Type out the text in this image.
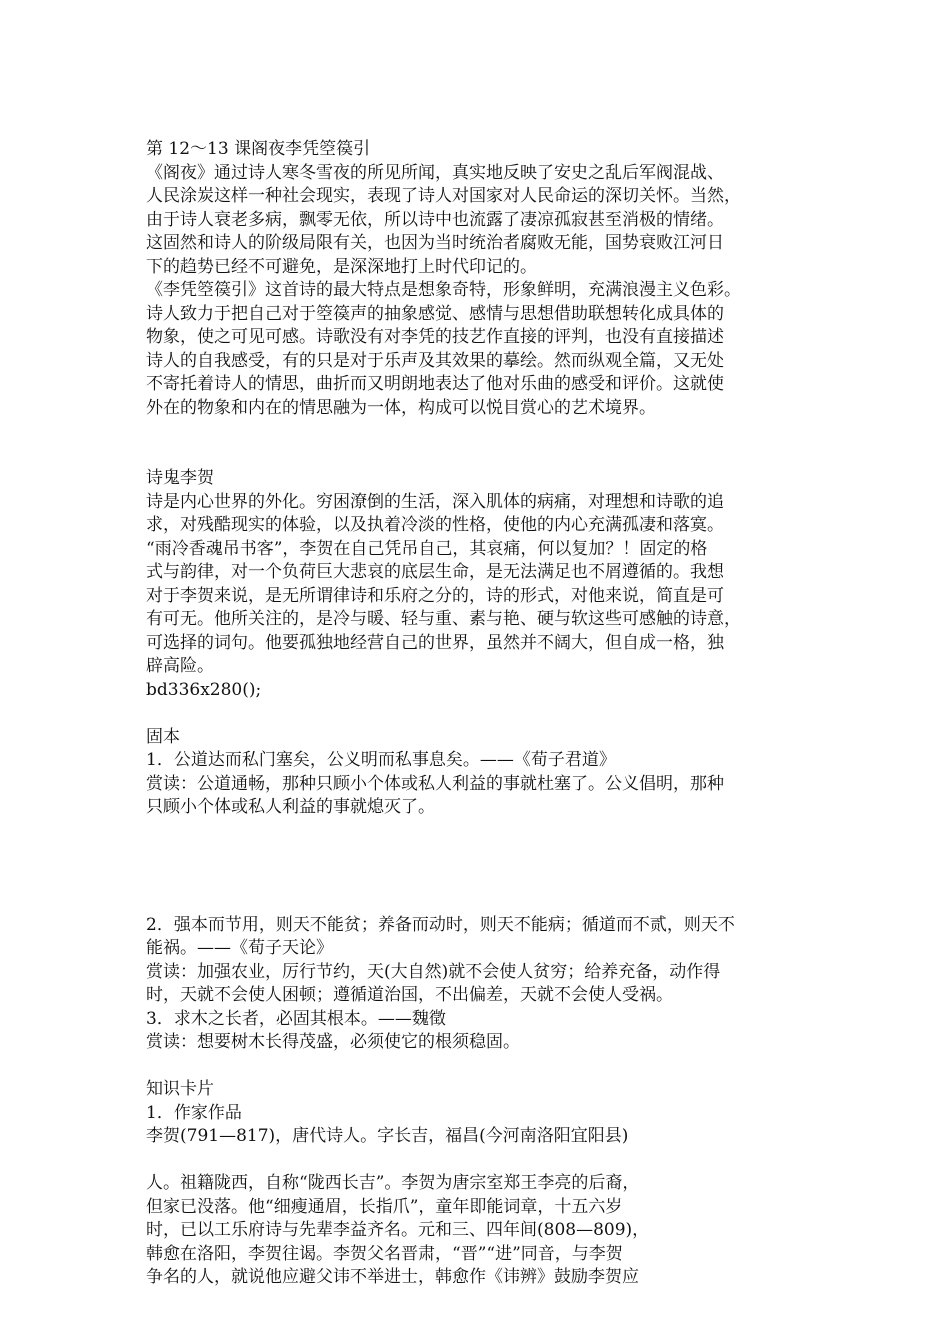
第 12～13 课阁夜李凭箜篌引
《阁夜》通过诗人寒冬雪夜的所见所闻，真实地反映了安史之乱后军阀混战、
人民涂炭这样一种社会现实，表现了诗人对国家对人民命运的深切关怀。当然，
由于诗人衰老多病，飘零无依，所以诗中也流露了凄凉孤寂甚至消极的情绪。
这固然和诗人的阶级局限有关，也因为当时统治者腐败无能，国势衰败江河日
下的趋势已经不可避免，是深深地打上时代印记的。
《李凭箜篌引》这首诗的最大特点是想象奇特，形象鲜明，充满浪漫主义色彩。
诗人致力于把自己对于箜篌声的抽象感觉、感情与思想借助联想转化成具体的
物象，使之可见可感。诗歌没有对李凭的技艺作直接的评判，也没有直接描述
诗人的自我感受，有的只是对于乐声及其效果的摹绘。然而纵观全篇，又无处
不寄托着诗人的情思，曲折而又明朗地表达了他对乐曲的感受和评价。这就使
外在的物象和内在的情思融为一体，构成可以悦目赏心的艺术境界。
诗鬼李贺
诗是内心世界的外化。穷困潦倒的生活，深入肌体的病痛，对理想和诗歌的追
求，对残酷现实的体验，以及执着冷淡的性格，使他的内心充满孤凄和落寞。
“雨冷香魂吊书客”，李贺在自己凭吊自己，其哀痛，何以复加？！固定的格
式与韵律，对一个负荷巨大悲哀的底层生命，是无法满足也不屑遵循的。我想
对于李贺来说，是无所谓律诗和乐府之分的，诗的形式，对他来说，简直是可
有可无。他所关注的，是冷与暖、轻与重、素与艳、硬与软这些可感触的诗意，
可选择的词句。他要孤独地经营自己的世界，虽然并不阔大，但自成一格，独
辟高险。
bd336x280();
固本
1．公道达而私门塞矣，公义明而私事息矣。——《荀子君道》
赏读：公道通畅，那种只顾小个体或私人利益的事就杜塞了。公义倡明，那种
只顾小个体或私人利益的事就熄灭了。
2．强本而节用，则天不能贫；养备而动时，则天不能病；循道而不贰，则天不
能祸。——《荀子天论》
赏读：加强农业，厉行节约，天(大自然)就不会使人贫穷；给养充备，动作得
时，天就不会使人困顿；遵循道治国，不出偏差，天就不会使人受祸。
3．求木之长者，必固其根本。——魏徵
赏读：想要树木长得茂盛，必须使它的根须稳固。
知识卡片
1．作家作品
李贺(791—817)，唐代诗人。字长吉，福昌(今河南洛阳宜阳县)
人。祖籍陇西，自称“陇西长吉”。李贺为唐宗室郑王李亮的后裔，
但家已没落。他“细瘦通眉，长指爪”，童年即能词章，十五六岁
时，已以工乐府诗与先辈李益齐名。元和三、四年间(808—809)，
韩愈在洛阳，李贺往谒。李贺父名晋肃，“晋”“进”同音，与李贺
争名的人，就说他应避父讳不举进士，韩愈作《讳辨》鼓励李贺应
